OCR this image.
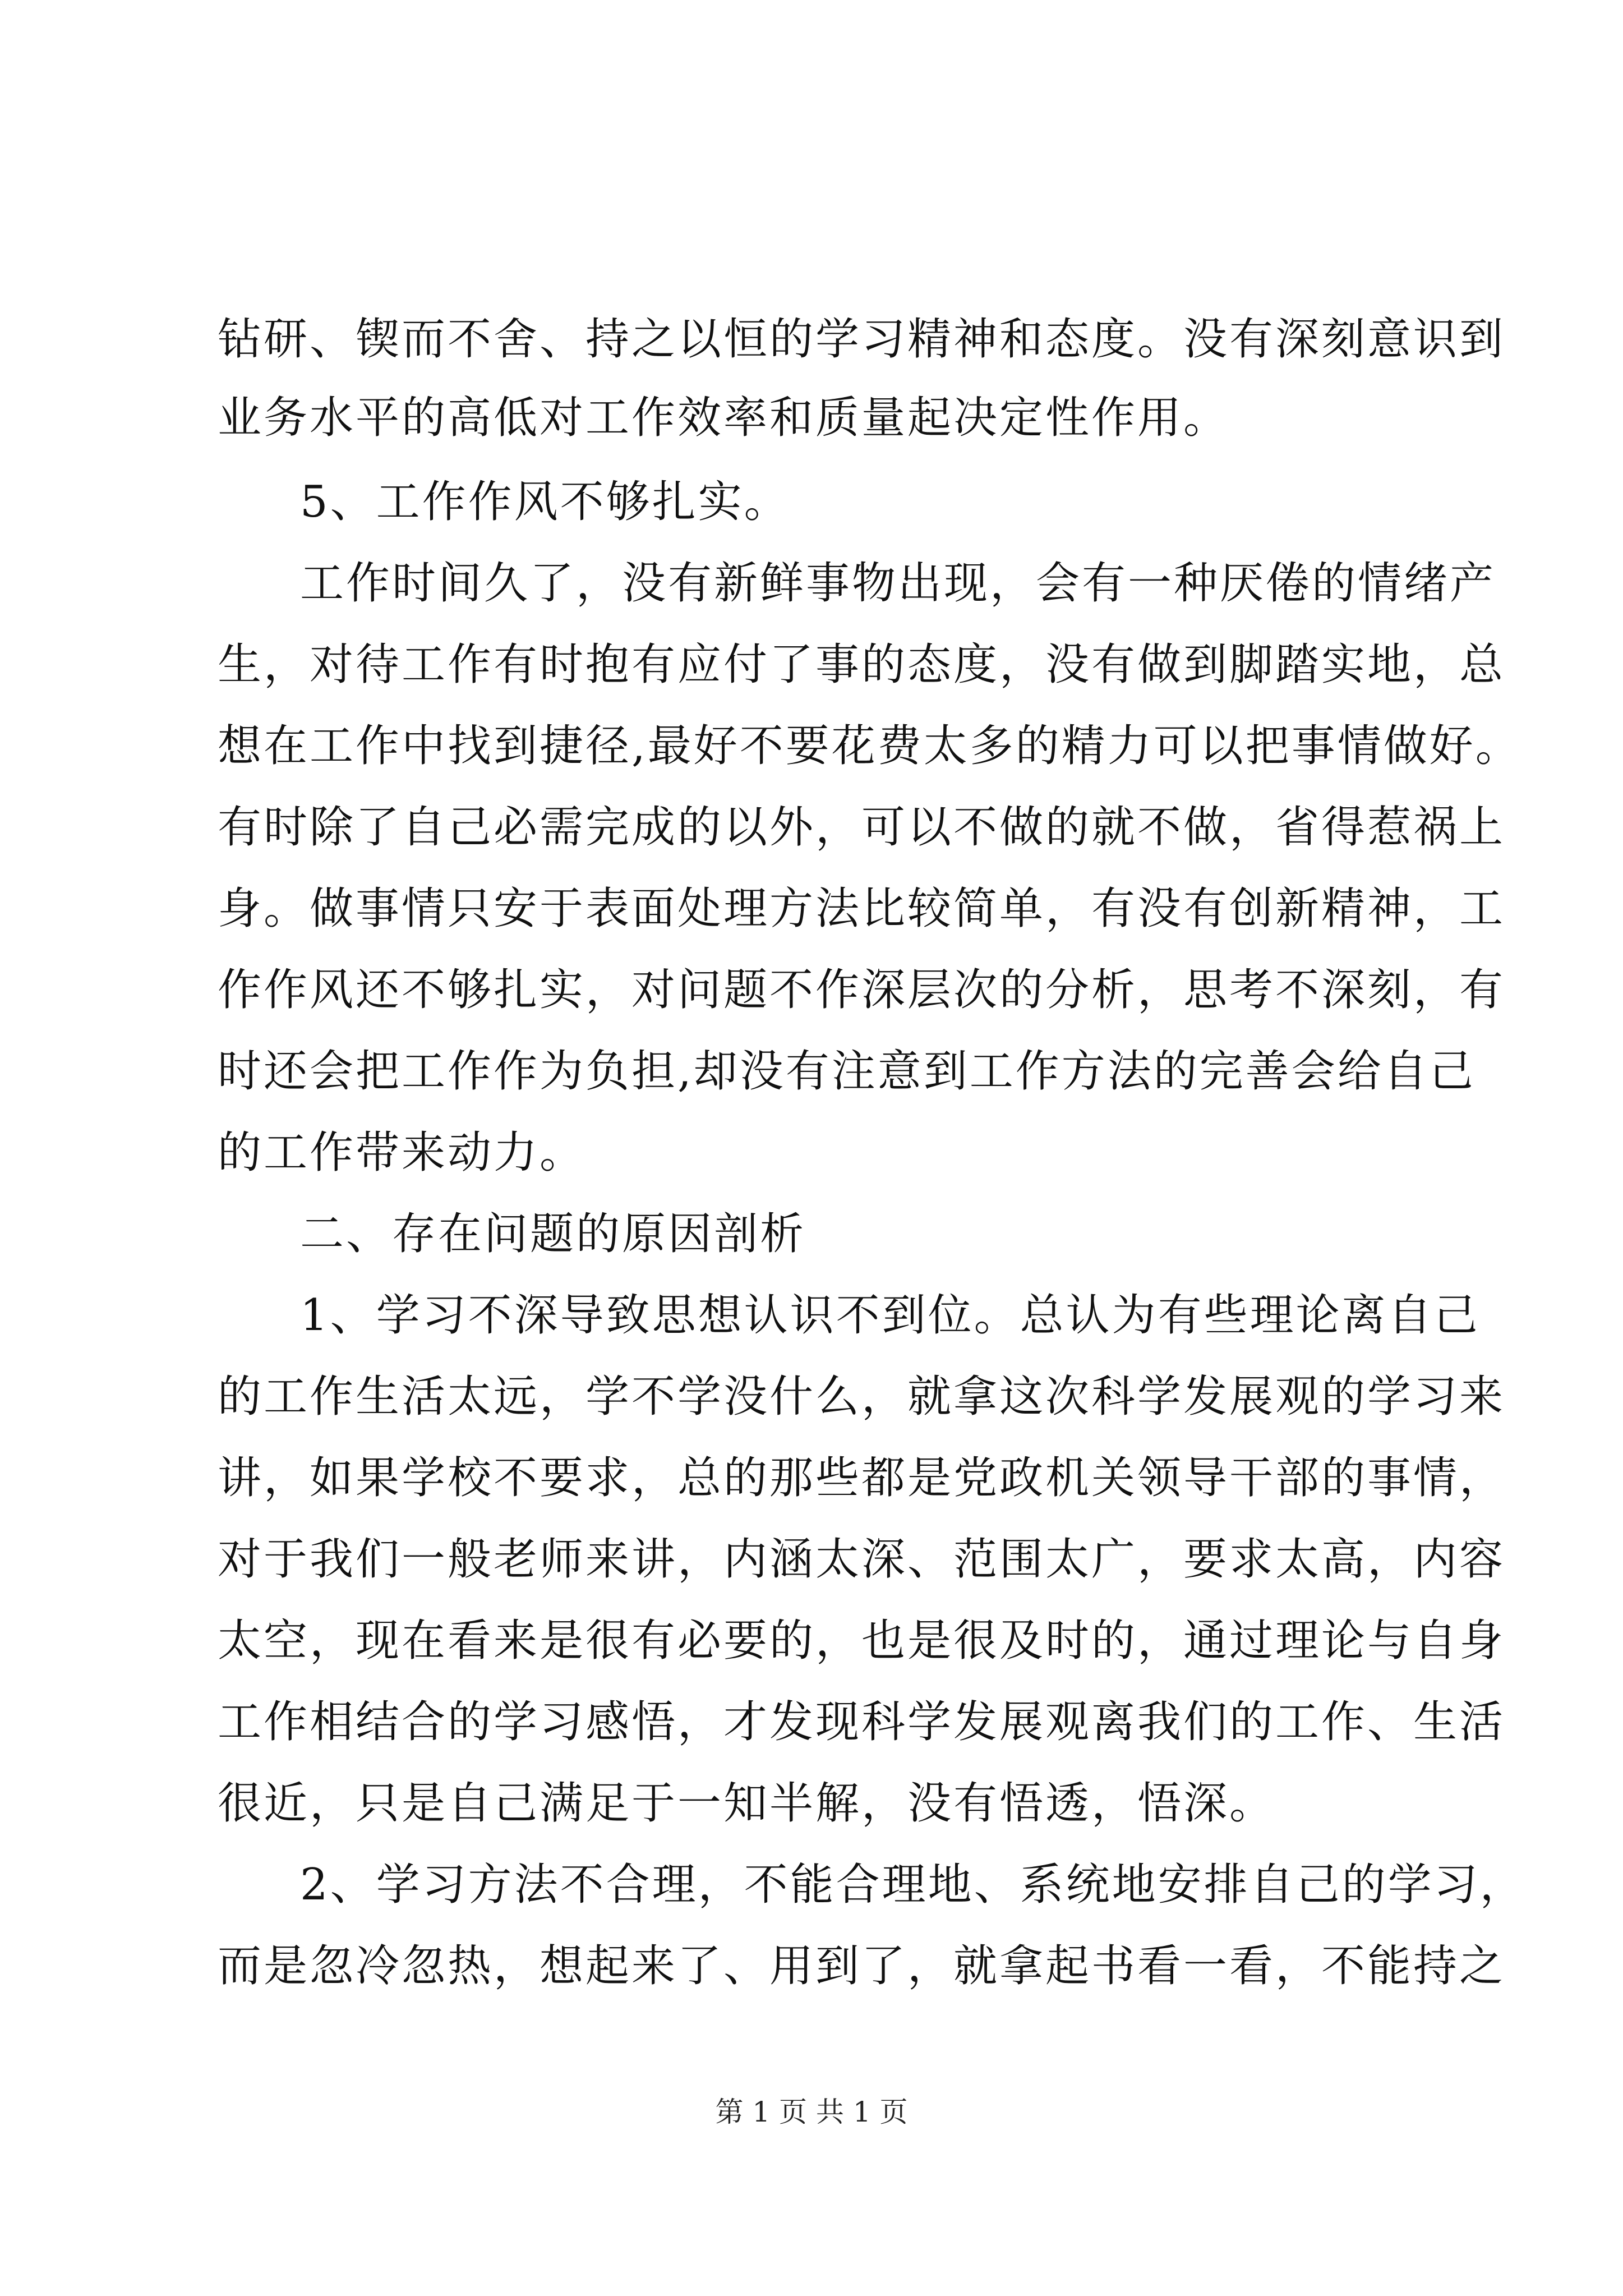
钻研、锲而不舍、持之以恒的学习精神和态度。没有深刻意识到
业务水平的高低对工作效率和质量起决定性作用。
5、工作作风不够扎实。
工作时间久了，没有新鲜事物出现，会有一种厌倦的情绪产
生，对待工作有时抱有应付了事的态度，没有做到脚踏实地，总
想在工作中找到捷径,最好不要花费太多的精力可以把事情做好。
有时除了自己必需完成的以外，可以不做的就不做，省得惹祸上
身。做事情只安于表面处理方法比较简单，有没有创新精神，工
作作风还不够扎实，对问题不作深层次的分析，思考不深刻，有
时还会把工作作为负担,却没有注意到工作方法的完善会给自己
的工作带来动力。
二、存在问题的原因剖析
1、学习不深导致思想认识不到位。总认为有些理论离自己
的工作生活太远，学不学没什么，就拿这次科学发展观的学习来
讲，如果学校不要求，总的那些都是党政机关领导干部的事情，
对于我们一般老师来讲，内涵太深、范围太广，要求太高，内容
太空，现在看来是很有必要的，也是很及时的，通过理论与自身
工作相结合的学习感悟，才发现科学发展观离我们的工作、生活
很近，只是自己满足于一知半解，没有悟透，悟深。
2、学习方法不合理，不能合理地、系统地安排自己的学习，
而是忽冷忽热，想起来了、用到了，就拿起书看一看，不能持之
第 1 页 共 1 页
